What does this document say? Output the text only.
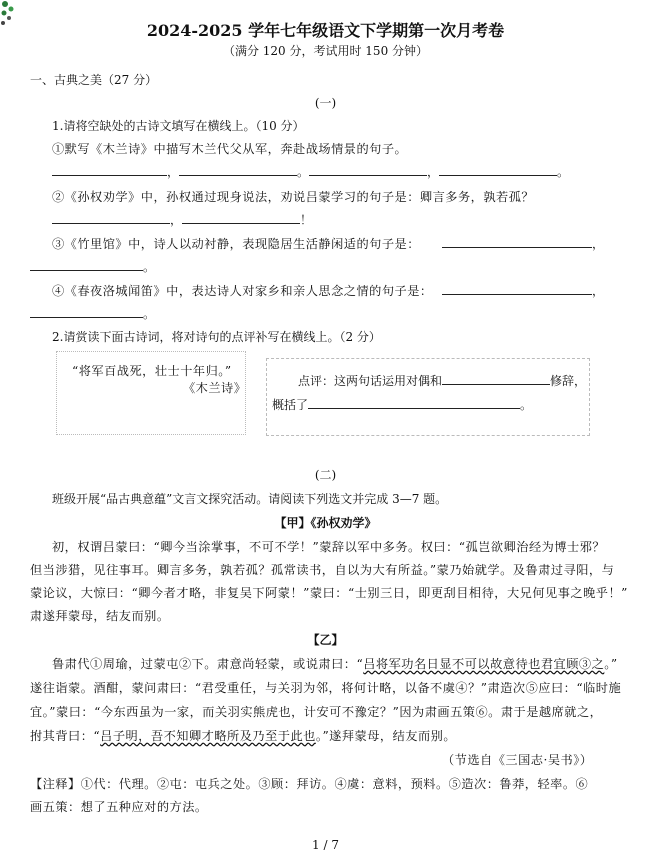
2024-2025 学年七年级语文下学期第一次月考卷
（满分 120 分，考试用时 150 分钟）
一、古典之美（27 分）
(一)
1.请将空缺处的古诗文填写在横线上。（10 分）
①默写《木兰诗》中描写木兰代父从军，奔赴战场情景的句子。
，	。	，	。
②《孙权劝学》中，孙权通过现身说法，劝说吕蒙学习的句子是：卿言多务，孰若孤？
，	！
③《竹里馆》中，诗人以动衬静，表现隐居生活静闲适的句子是：	，
。
④《春夜洛城闻笛》中，表达诗人对家乡和亲人思念之情的句子是：	，
。
2.请赏读下面古诗词，将对诗句的点评补写在横线上。（2 分）
“将军百战死，壮士十年归。”
《木兰诗》	点评：这两句话运用对偶和	修辞，
概括了	。
(二)
班级开展“品古典意蕴”文言文探究活动。请阅读下列选文并完成 3—7 题。
【甲】《孙权劝学》
初，权谓吕蒙曰：“卿今当涂掌事，不可不学！”蒙辞以军中多务。权曰：“孤岂欲卿治经为博士邪？
但当涉猎，见往事耳。卿言多务，孰若孤？孤常读书，自以为大有所益。”蒙乃始就学。及鲁肃过寻阳，与
蒙论议，大惊曰：“卿今者才略，非复吴下阿蒙！”蒙曰：“士别三日，即更刮目相待，大兄何见事之晚乎！”
肃遂拜蒙母，结友而别。
【乙】
鲁肃代①周瑜，过蒙屯②下。肃意尚轻蒙，或说肃曰：“吕将军功名日显不可以故意待也君宜顾③之。”
遂往诣蒙。酒酣，蒙问肃曰：“君受重任，与关羽为邻，将何计略，以备不虞④？”肃造次⑤应曰：“临时施
宜。”蒙曰：“今东西虽为一家，而关羽实熊虎也，计安可不豫定？”因为肃画五策⑥。肃于是越席就之，
拊其背曰：“吕子明，吾不知卿才略所及乃至于此也。”遂拜蒙母，结友而别。
（节选自《三国志·吴书》）
【注释】①代：代理。②屯：屯兵之处。③顾：拜访。④虞：意料，预料。⑤造次：鲁莽，轻率。⑥
画五策：想了五种应对的方法。
1 / 7
